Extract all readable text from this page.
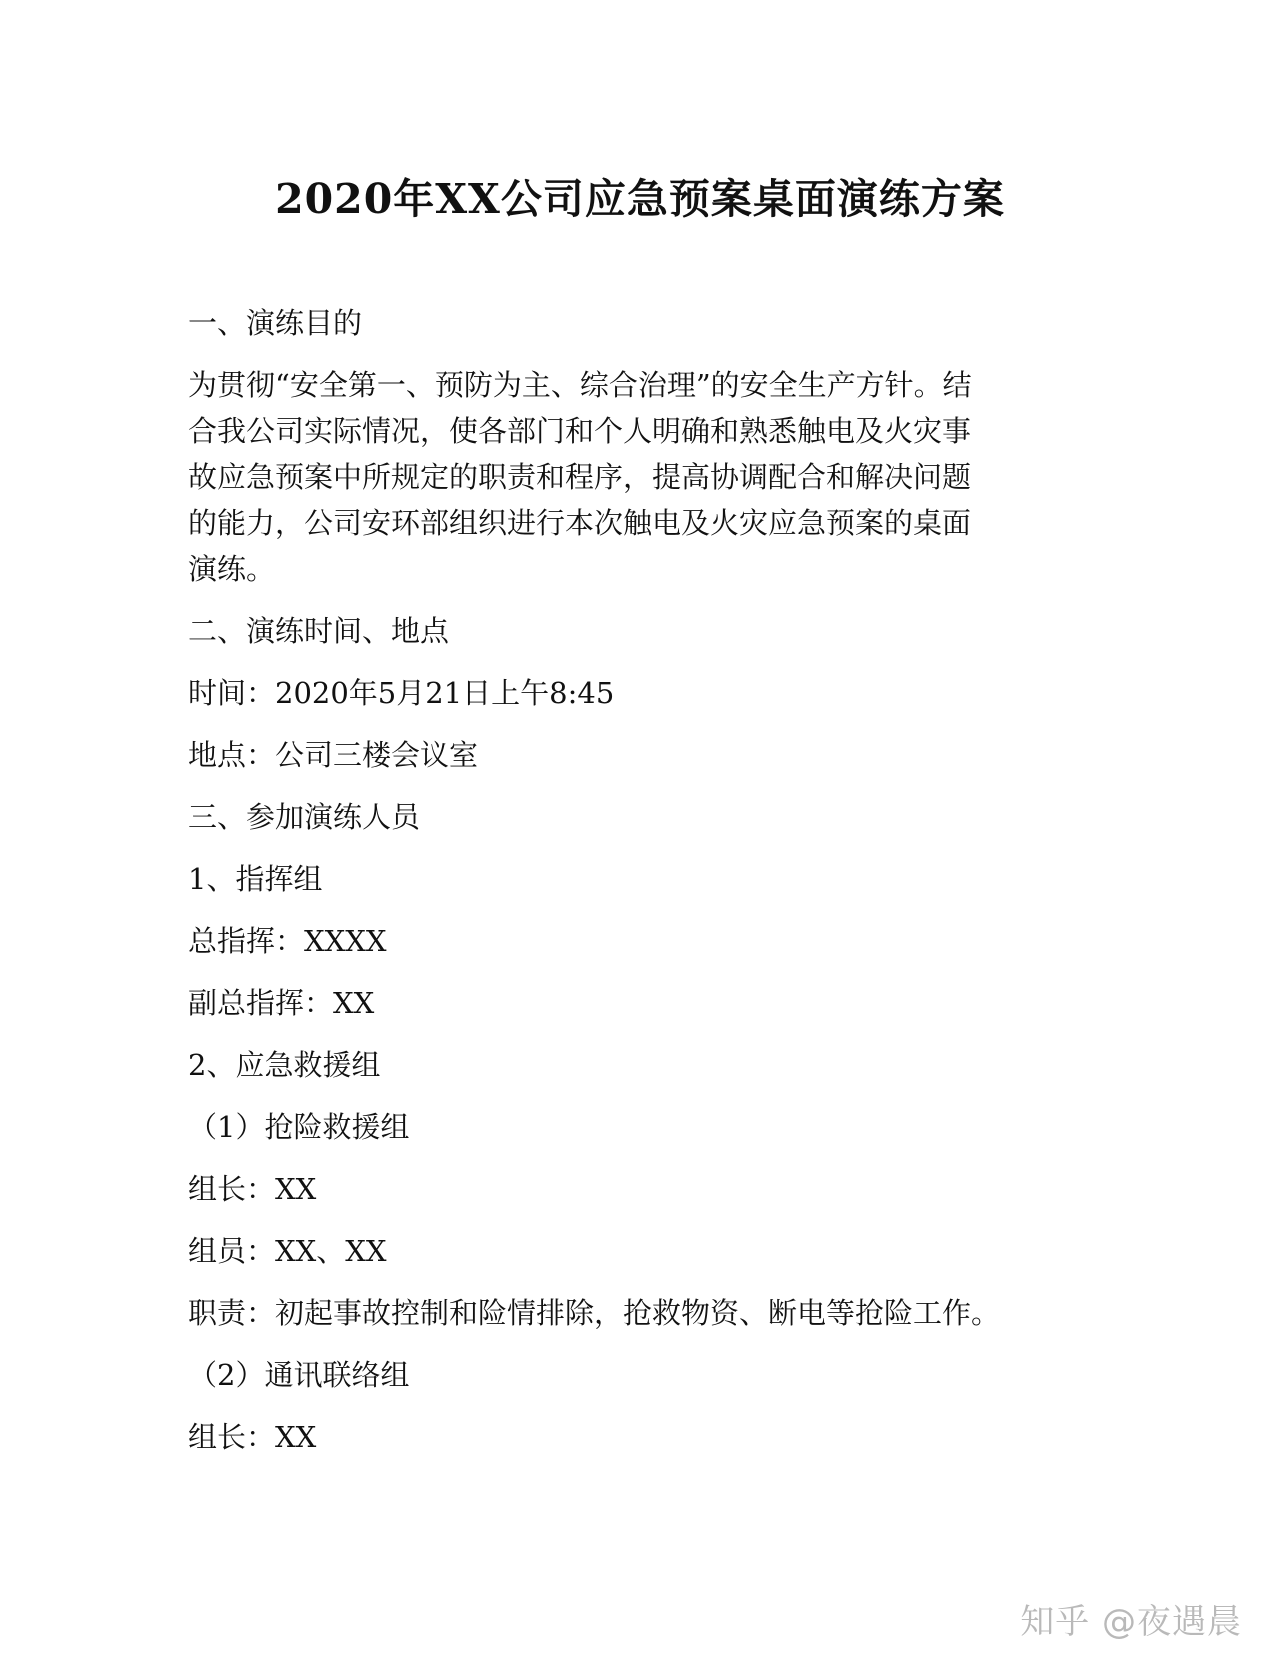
2020年XX公司应急预案桌面演练方案
一、演练目的
为贯彻“安全第一、预防为主、综合治理”的安全生产方针。结
合我公司实际情况，使各部门和个人明确和熟悉触电及火灾事
故应急预案中所规定的职责和程序，提高协调配合和解决问题
的能力，公司安环部组织进行本次触电及火灾应急预案的桌面
演练。
二、演练时间、地点
时间：2020年5月21日上午8:45
地点：公司三楼会议室
三、参加演练人员
1、指挥组
总指挥：XXXX
副总指挥：XX
2、应急救援组
（1）抢险救援组
组长：XX
组员：XX、XX
职责：初起事故控制和险情排除，抢救物资、断电等抢险工作。
（2）通讯联络组
组长：XX
知乎 @夜遇晨
